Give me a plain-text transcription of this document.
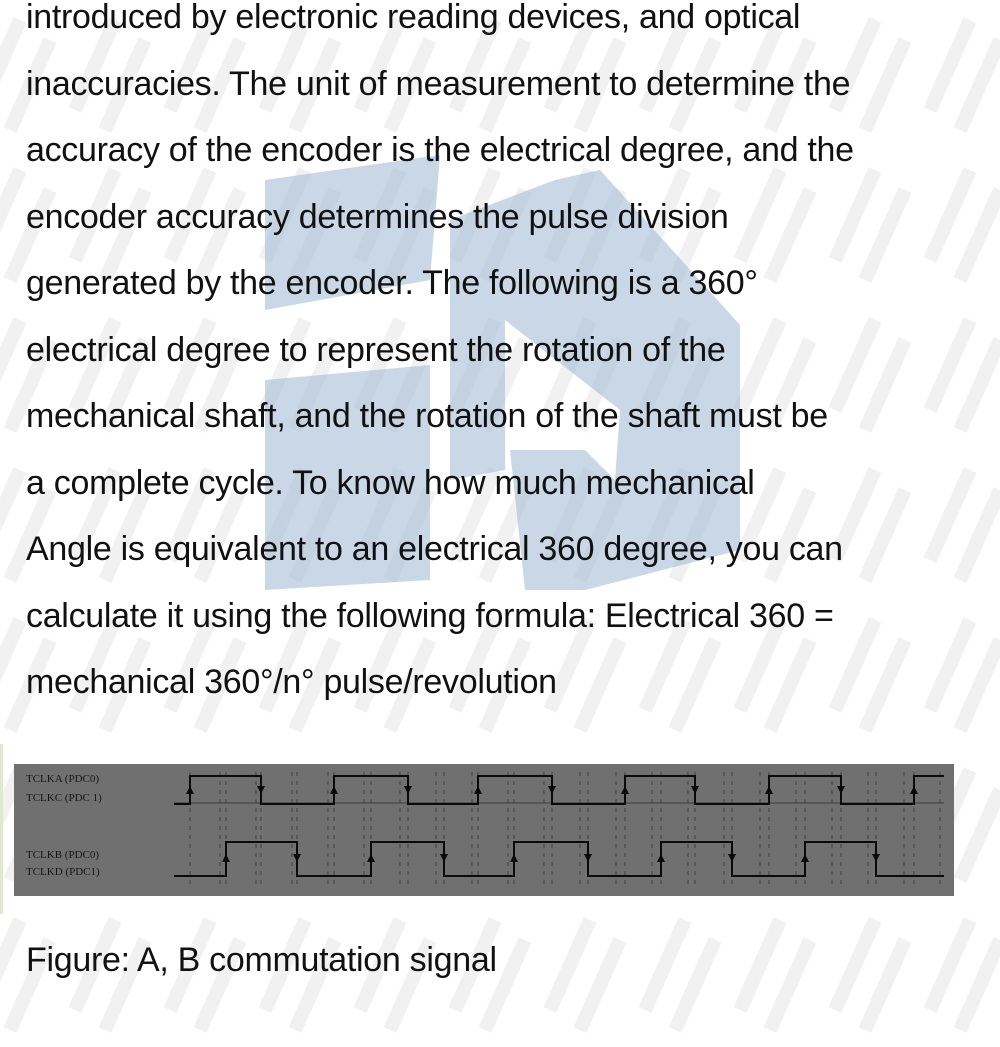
introduced by electronic reading devices, and optical
inaccuracies. The unit of measurement to determine the
accuracy of the encoder is the electrical degree, and the
encoder accuracy determines the pulse division
generated by the encoder. The following is a 360°
electrical degree to represent the rotation of the
mechanical shaft, and the rotation of the shaft must be
a complete cycle. To know how much mechanical
Angle is equivalent to an electrical 360 degree, you can
calculate it using the following formula: Electrical 360 =
mechanical 360°/n° pulse/revolution
TCLKA (PDC0)
TCLKC (PDC 1)
TCLKB (PDC0)
TCLKD (PDC1)
Figure: A, B commutation signal
